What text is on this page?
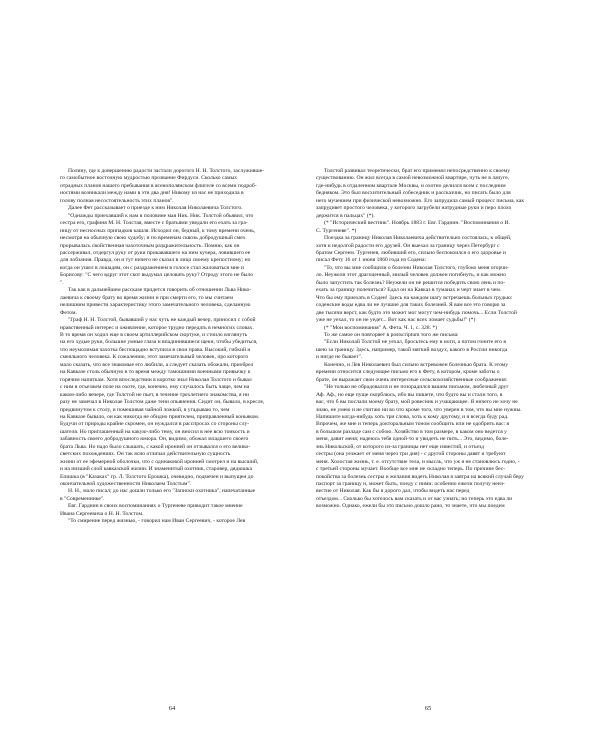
Полину, где к довершению радости застали дорогого Н. Н. Толстого, заслуживше-
го самобытное восточную мудростью прозвание Фирдуси. Сколько самых
отрадных планов нашего пребывания в ясенополянском флигеле со всеми подроб-
ностями возникали между нами в эти два дня! Никому из нас не приходила в
голову полная несостоятельность этих планов".

Далее Фет рассказывает о приезде к ним Николая Николаевича Толстого.

"Однажды приехавший к нам в половине мая Ник. Ник. Толстой объявил, что
сестра его, графиня М. Н. Толстая, вместе с братьями уведали его ехать за гра-
ницу от несносных припадков кашля. Исходил он, бедный, к тому времени очень,
несмотря на обычную свою худобу; и по временам сквозь добродушный смех
прорывалась свойственная чахоточным раздражительность. Помню, как он
рассерживал, отдергул руку от руки прикававшего на ним кучера, ловившего ее
для лобзания. Правда, он и тут ничего не сказал в лицо своему крепостному; но
когда он ушел в лошадям, он с раздражением в голосе стал жаловаться мне и
Борисову: "С чего вдруг этот скот выдумал целовать руку? Отроду этого не было
".

Так как в дальнейшем рассказе придется говорить об отношении Льва Нико-
лаевича к своему брату во время жизни и при смерти его, то мы считаем
нелишним привести характеристику этого замечательного человека, сделанную
Фетом.

"Граф Н. Н. Толстой, бывавший у нас чуть не каждый вечер, приносил с собой
нравственный интерес и оживление, которое трудно передать в немногих словах.
В то время он ходил еще в своем артиллерийском сюртуке, и стоило взглянуть
на его худые руки, большие умные глаза и впадинившиеся щеки, чтобы убедиться,
что неумолимая чахотка беспощадно вступила в свои права. Высокий, гибкий и
смеяльного человека. К сожалению, этот замечательный человек, про которого
мало сказать, что все знакомые его любили, а следует сказать обожали, приобрел
на Кавказе столь обычную в то время между тамошними военными привычку к
горячим напиткам. Хотя впоследствии я коротко знал Николая Толстого и бывал
с ним в отъезжем поле на охоте, где, конечно, ему случалось быть чаще, чем на
каком-либо вечере, где Толстой не пьет, в течение трехлетнего знакомства, я ни
разу не замечал в Николае Толстом даже тени опьянения. Сидит он, бывало, в кресле,
придвинутом к столу, и помешивая чайной ложкой, я угадываю то, чем
на Кавказе бывало, он как никогда не обидно приятелем, приправленный коньяком.
Будучи от природы крайне скромен, он нуждался в расспросах со стороны слу-
шателя. Но приглашенный на какую-либо тему, он вносил в нее всю тонкость и
забавность своего добродушного юмора. Он, видимо, обожал младшего своего
брата Льва. Но надо было слышать, с какой иронией он отзывался о его велико-
светских похождениях. Он так ясно отличал действительную сущность
жизни от ее эфемерной оболочки, что с одинаковой иронией смотрел и на высший,
и на низший слой кавказской жизни. И знаменитый охотник, старовер, дядюшка
Епишка (в "Казаках" гр. Л. Толстого Ерошка), очевидно, подмечен и выпущен до
окончательной художественности Николаем Толстым".

Н. Н., мало писал; до нас дошли только его "Записки охотника", напечатанные
в "Современнике".

Евг. Гарднин в своих воспоминаниях о Тургеневе приводит такое мнение
Ивана Сергеевича о Н. Н. Толстом.

"То смирение перед жизнью, - говорил нам Иван Сергеевич, - которое Лев

64

Толстой развивал теоретически, брат его применял непосредственно к своему
существованию. Он жил всегда в самой невозможной квартире, чуть не в лачуге,
где-нибудь в отдаленном квартале Москвы, и охотно делился всем с последним
бедняком. Это был восхитительный собеседник и рассказчик, но писать было для
него мучением при физической невозможно. Его запрудила самый процесс письма, как
запрудивет простого человека, у которого загрубели натрудные руки и перо плохо
держится в пальцах" (*).

(* "Исторический вестник". Ноябрь 1883 г. Евг. Гарднин. "Воспоминания о И.
С. Тургеневе". *)

Поездка за границу Николая Николаевича действительно состоялась, к общей,
хотя и недолгой радости его друзей. Он выехал за границу через Петербург с
братом Сергеем. Тургенев, любивший его, сильно беспокоился о его здоровье и
писал Фету 16 от 1 июня 1860 года из Содена:

"То, что вы мне сообщили о болезни Николая Толстого, глубоко меня огорчи-
ло. Неужели этот драгоценный, милый человек должен погибнуть, и как можно
было запустить так болезнь? Неужели он не решится победить свою лень и по-
ехать за границу полечиться? Едал он на Кавказ в туманах и черт знает в чем.
Что бы ему приехать в Соден! Здесь на каждом шагу встречаешь больных грудью:
соденские воды едва ли не лучшие для таких болезней. Я вам все это говорю за
две тысячи верст, как будто это может мог могут чем-нибудь помочь... Если Толстой
уже не уехал, то он не уедет... Вот как нас всех ломает судьбы!" (*)

(* "Мои воспоминания" А. Фета. Ч. 1, с. 328. *)

То же самое он повторяет в postscriptum того же письма:

"Если Николай Толстой не уехал, бросьтесь ему в ноги, а потом гоните его в
шею за границу. Здесь, например, такой мягкий воздух, какого в России никогда
и нигде не бывает".

Конечно, и Лев Николаевич был сильно встревожен болезнью брата. К этому
времени относится следующее письмо его к Фету, в котором, кроме заботы о
брате, он выражает свои очень интересные сельскохозяйственные соображения:

"Не только не обрадовался и не позорадился вашим письмом, любезный друг
Аф. Аф., но еще пуще скорблюсь, ибо вы пишете, что будто вы и стали того, в
вас, что б вы послали моему брату, мой ровесник и учащающее. Я ничего не хочу не
знаю, не умею и не считаю ни во что кроме того, что уверен в том, что вы мне нужны.
Напишите когда-нибудь хоть три слова, хоть к кому другому, и я всегда буду рад.
Впрочем, же мне и теперь докторальным тоном сообщить или не одобрить вас: я
в большом разладе сам с собою. Хозяйство в том размере, в каком оно ведется у
меня, давит меня; надеюсь тебя одной-то и увидеть не пить... Это, видимо, боле-
знь Никольской, от которого из-за границы нет еще известий, и отъезд
сестры (она уезжает от меня через три дня) - с другой стороны давят и требуют
меня. Холостая жизнь, т. е. отсутствие тела, и мысль, что уж я не становлюсь годно, -
с третьей стороны мучает. Вообще все мне не складно теперь. По причине бес-
покойства за болезнь сестры и желания видеть Николая я завтра на всякий случай беру
паспорт за границу и, может быть, поеду с ними; особенно ежели получу неиз-
вестие от Николая. Как бы я дорого дал, чтобы видеть нас перед
отъездом... Сколько бы хотелось вам сказать и от вас узнать; но теперь это едва ли
возможно. Однако, ежели бы это письмо дошло рано, то знаете, что мы поедем

65
